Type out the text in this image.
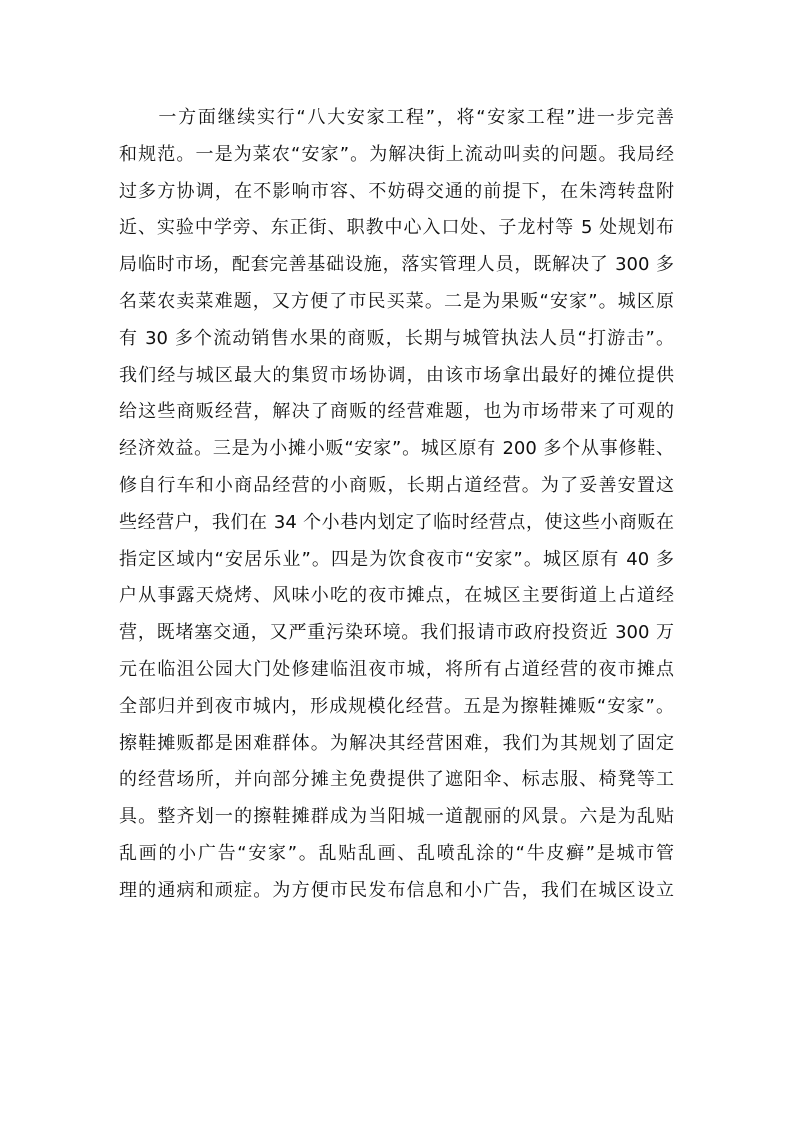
　　一方面继续实行“八大安家工程”，将“安家工程”进一步完善
和规范。一是为菜农“安家”。为解决街上流动叫卖的问题。我局经
过多方协调，在不影响市容、不妨碍交通的前提下，在朱湾转盘附
近、实验中学旁、东正街、职教中心入口处、子龙村等 5 处规划布
局临时市场，配套完善基础设施，落实管理人员，既解决了 300 多
名菜农卖菜难题，又方便了市民买菜。二是为果贩“安家”。城区原
有 30 多个流动销售水果的商贩，长期与城管执法人员“打游击”。
我们经与城区最大的集贸市场协调，由该市场拿出最好的摊位提供
给这些商贩经营，解决了商贩的经营难题，也为市场带来了可观的
经济效益。三是为小摊小贩“安家”。城区原有 200 多个从事修鞋、
修自行车和小商品经营的小商贩，长期占道经营。为了妥善安置这
些经营户，我们在 34 个小巷内划定了临时经营点，使这些小商贩在
指定区域内“安居乐业”。四是为饮食夜市“安家”。城区原有 40 多
户从事露天烧烤、风味小吃的夜市摊点，在城区主要街道上占道经
营，既堵塞交通，又严重污染环境。我们报请市政府投资近 300 万
元在临沮公园大门处修建临沮夜市城，将所有占道经营的夜市摊点
全部归并到夜市城内，形成规模化经营。五是为擦鞋摊贩“安家”。
擦鞋摊贩都是困难群体。为解决其经营困难，我们为其规划了固定
的经营场所，并向部分摊主免费提供了遮阳伞、标志服、椅凳等工
具。整齐划一的擦鞋摊群成为当阳城一道靓丽的风景。六是为乱贴
乱画的小广告“安家”。乱贴乱画、乱喷乱涂的“牛皮癣”是城市管
理的通病和顽症。为方便市民发布信息和小广告，我们在城区设立
